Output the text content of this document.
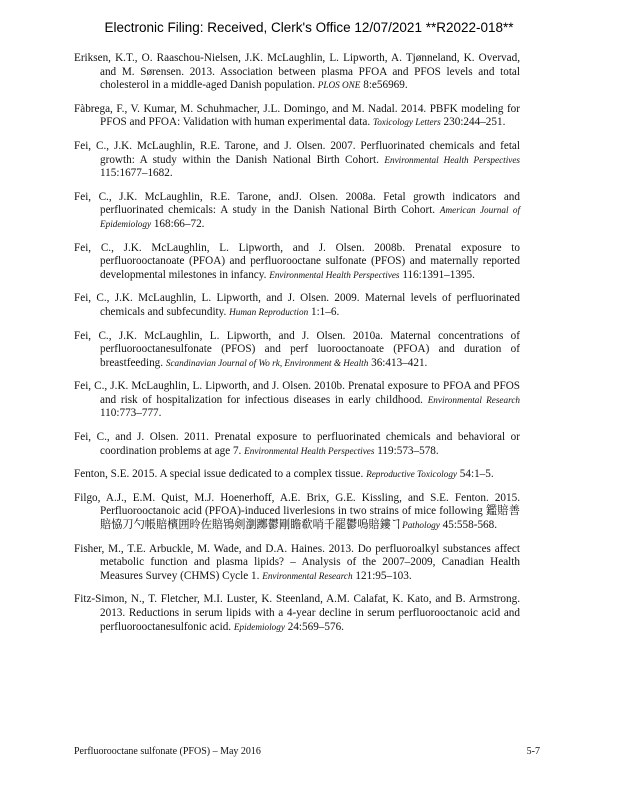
Electronic Filing: Received, Clerk's Office 12/07/2021 **R2022-018**

Eriksen, K.T., O. Raaschou-Nielsen, J.K. McLaughlin, L. Lipworth, A. Tjønneland, K. Overvad, and M. Sørensen. 2013. Association between plasma PFOA and PFOS levels and total cholesterol in a middle-aged Danish population. PLOS ONE 8:e56969.

Fàbrega, F., V. Kumar, M. Schuhmacher, J.L. Domingo, and M. Nadal. 2014. PBFK modeling for PFOS and PFOA: Validation with human experimental data. Toxicology Letters 230:244–251.

Fei, C., J.K. McLaughlin, R.E. Tarone, and J. Olsen. 2007. Perfluorinated chemicals and fetal growth: A study within the Danish National Birth Cohort. Environmental Health Perspectives 115:1677–1682.

Fei, C., J.K. McLaughlin, R.E. Tarone, andJ. Olsen. 2008a. Fetal growth indicators and perfluorinated chemicals: A study in the Danish National Birth Cohort. American Journal of Epidemiology 168:66–72.

Fei, C., J.K. McLaughlin, L. Lipworth, and J. Olsen. 2008b. Prenatal exposure to perfluorooctanoate (PFOA) and perfluorooctane sulfonate (PFOS) and maternally reported developmental milestones in infancy. Environmental Health Perspectives 116:1391–1395.

Fei, C., J.K. McLaughlin, L. Lipworth, and J. Olsen. 2009. Maternal levels of perfluorinated chemicals and subfecundity. Human Reproduction 1:1–6.

Fei, C., J.K. McLaughlin, L. Lipworth, and J. Olsen. 2010a. Maternal concentrations of perfluorooctanesulfonate (PFOS) and perf luorooctanoate (PFOA) and duration of breastfeeding. Scandinavian Journal of Wo rk, Environment & Health 36:413–421.

Fei, C., J.K. McLaughlin, L. Lipworth, and J. Olsen. 2010b. Prenatal exposure to PFOA and PFOS and risk of hospitalization for infectious diseases in early childhood. Environmental Research 110:773–777.

Fei, C., and J. Olsen. 2011. Prenatal exposure to perfluorinated chemicals and behavioral or coordination problems at age 7. Environmental Health Perspectives 119:573–578.

Fenton, S.E. 2015. A special issue dedicated to a complex tissue. Reproductive Toxicology 54:1–5.

Filgo, A.J., E.M. Quist, M.J. Hoenerhoff, A.E. Brix, G.E. Kissling, and S.E. Fenton. 2015. Perfluorooctanoic acid (PFOA)-induced liverlesions in two strains of mice following 鑑賠善賠恊刀勺帳賠檳囲昤佐賠鴇剣瀏躑鬱剛瞻欷哨千罷鬱嗚賠鏤ヿPathology 45:558-568.

Fisher, M., T.E. Arbuckle, M. Wade, and D.A. Haines. 2013. Do perfluoroalkyl substances affect metabolic function and plasma lipids? – Analysis of the 2007–2009, Canadian Health Measures Survey (CHMS) Cycle 1. Environmental Research 121:95–103.

Fitz-Simon, N., T. Fletcher, M.I. Luster, K. Steenland, A.M. Calafat, K. Kato, and B. Armstrong. 2013. Reductions in serum lipids with a 4-year decline in serum perfluorooctanoic acid and perfluorooctanesulfonic acid. Epidemiology 24:569–576.

Perfluorooctane sulfonate (PFOS) – May 2016	5-7
